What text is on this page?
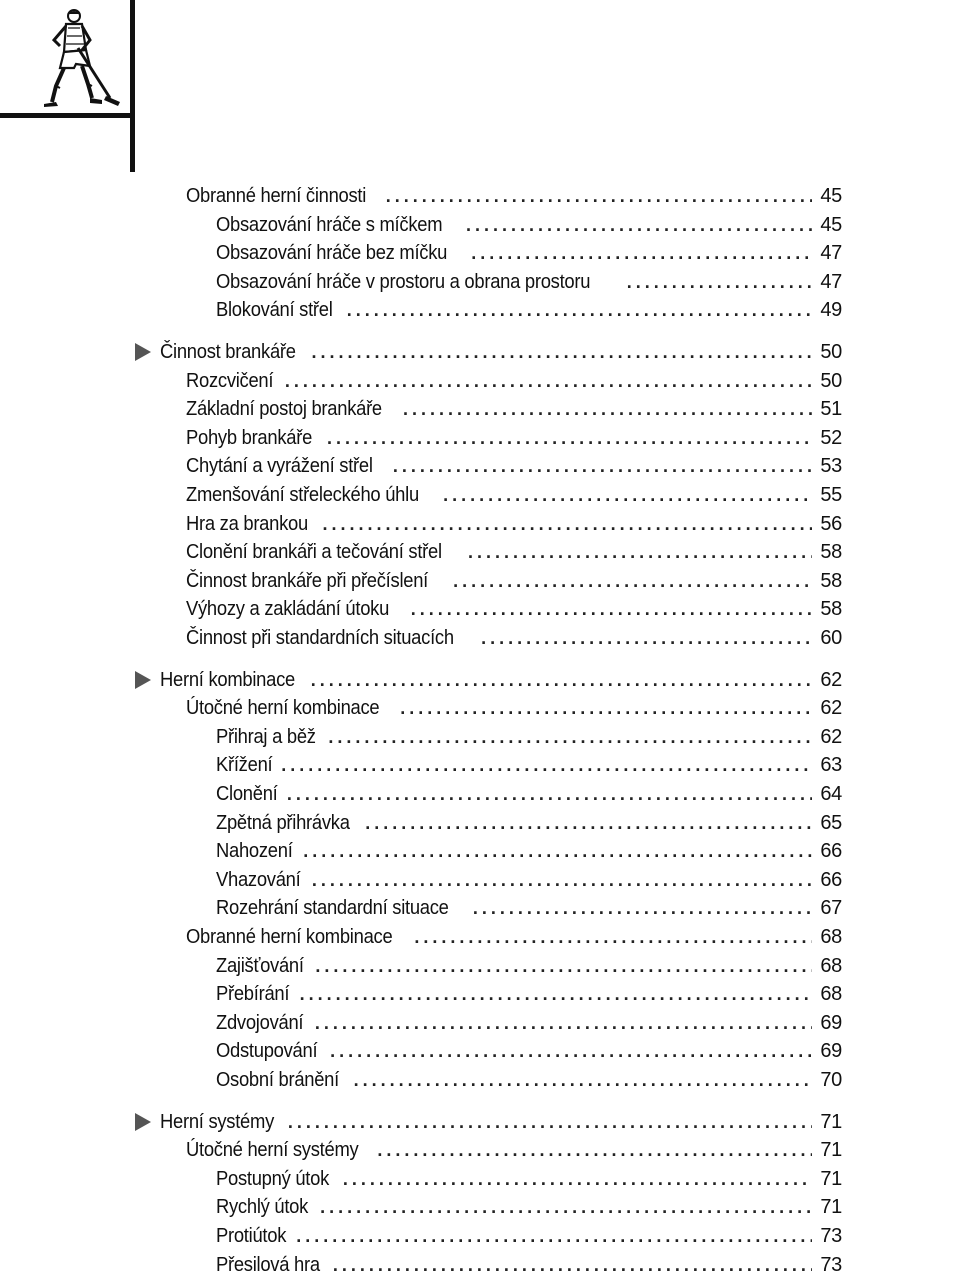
Obranné herní činnosti . . .	45
Obsazování hráče s míčkem . . .	45
Obsazování hráče bez míčku . . .	47
Obsazování hráče v prostoru a obrana prostoru . . .	47
Blokování střel . . .	49
Činnost brankáře . . .	50
Rozcvičení . . .	50
Základní postoj brankáře . . .	51
Pohyb brankáře . . .	52
Chytání a vyrážení střel . . .	53
Zmenšování střeleckého úhlu . . .	55
Hra za brankou . . .	56
Clonění brankáři a tečování střel . . .	58
Činnost brankáře při přečíslení . . .	58
Výhozy a zakládání útoku . . .	58
Činnost při standardních situacích . . .	60
Herní kombinace . . .	62
Útočné herní kombinace . . .	62
Přihraj a běž . . .	62
Křížení . . .	63
Clonění . . .	64
Zpětná přihrávka . . .	65
Nahození . . .	66
Vhazování . . .	66
Rozehrání standardní situace . . .	67
Obranné herní kombinace . . .	68
Zajišťování . . .	68
Přebírání . . .	68
Zdvojování . . .	69
Odstupování . . .	69
Osobní bránění . . .	70
Herní systémy . . .	71
Útočné herní systémy . . .	71
Postupný útok . . .	71
Rychlý útok . . .	71
Protiútok . . .	73
Přesilová hra . . .	73
